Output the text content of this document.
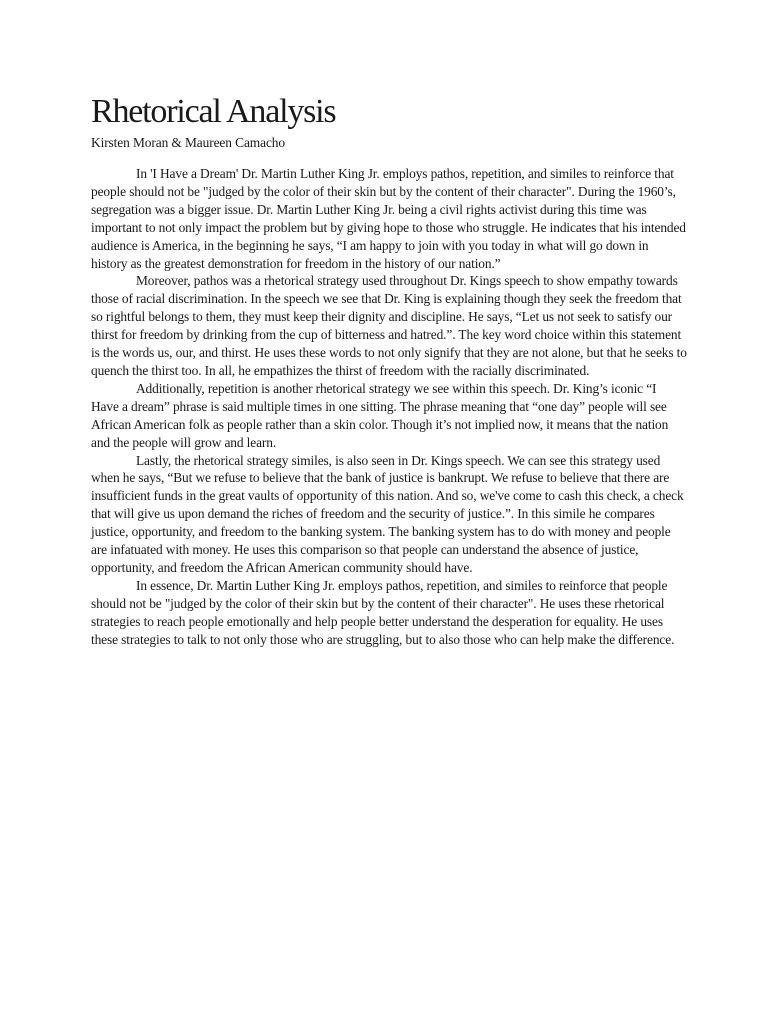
Rhetorical Analysis
Kirsten Moran & Maureen Camacho

In 'I Have a Dream' Dr. Martin Luther King Jr. employs pathos, repetition, and similes to reinforce that people should not be "judged by the color of their skin but by the content of their character". During the 1960’s, segregation was a bigger issue. Dr. Martin Luther King Jr. being a civil rights activist during this time was important to not only impact the problem but by giving hope to those who struggle. He indicates that his intended audience is America, in the beginning he says, “I am happy to join with you today in what will go down in history as the greatest demonstration for freedom in the history of our nation.”

Moreover, pathos was a rhetorical strategy used throughout Dr. Kings speech to show empathy towards those of racial discrimination. In the speech we see that Dr. King is explaining though they seek the freedom that so rightful belongs to them, they must keep their dignity and discipline. He says, “Let us not seek to satisfy our thirst for freedom by drinking from the cup of bitterness and hatred.”. The key word choice within this statement is the words us, our, and thirst. He uses these words to not only signify that they are not alone, but that he seeks to quench the thirst too. In all, he empathizes the thirst of freedom with the racially discriminated.

Additionally, repetition is another rhetorical strategy we see within this speech. Dr. King’s iconic “I Have a dream” phrase is said multiple times in one sitting. The phrase meaning that “one day” people will see African American folk as people rather than a skin color. Though it’s not implied now, it means that the nation and the people will grow and learn.

Lastly, the rhetorical strategy similes, is also seen in Dr. Kings speech. We can see this strategy used when he says, “But we refuse to believe that the bank of justice is bankrupt. We refuse to believe that there are insufficient funds in the great vaults of opportunity of this nation. And so, we've come to cash this check, a check that will give us upon demand the riches of freedom and the security of justice.”. In this simile he compares justice, opportunity, and freedom to the banking system. The banking system has to do with money and people are infatuated with money. He uses this comparison so that people can understand the absence of justice, opportunity, and freedom the African American community should have.

In essence, Dr. Martin Luther King Jr. employs pathos, repetition, and similes to reinforce that people should not be "judged by the color of their skin but by the content of their character". He uses these rhetorical strategies to reach people emotionally and help people better understand the desperation for equality. He uses these strategies to talk to not only those who are struggling, but to also those who can help make the difference.
